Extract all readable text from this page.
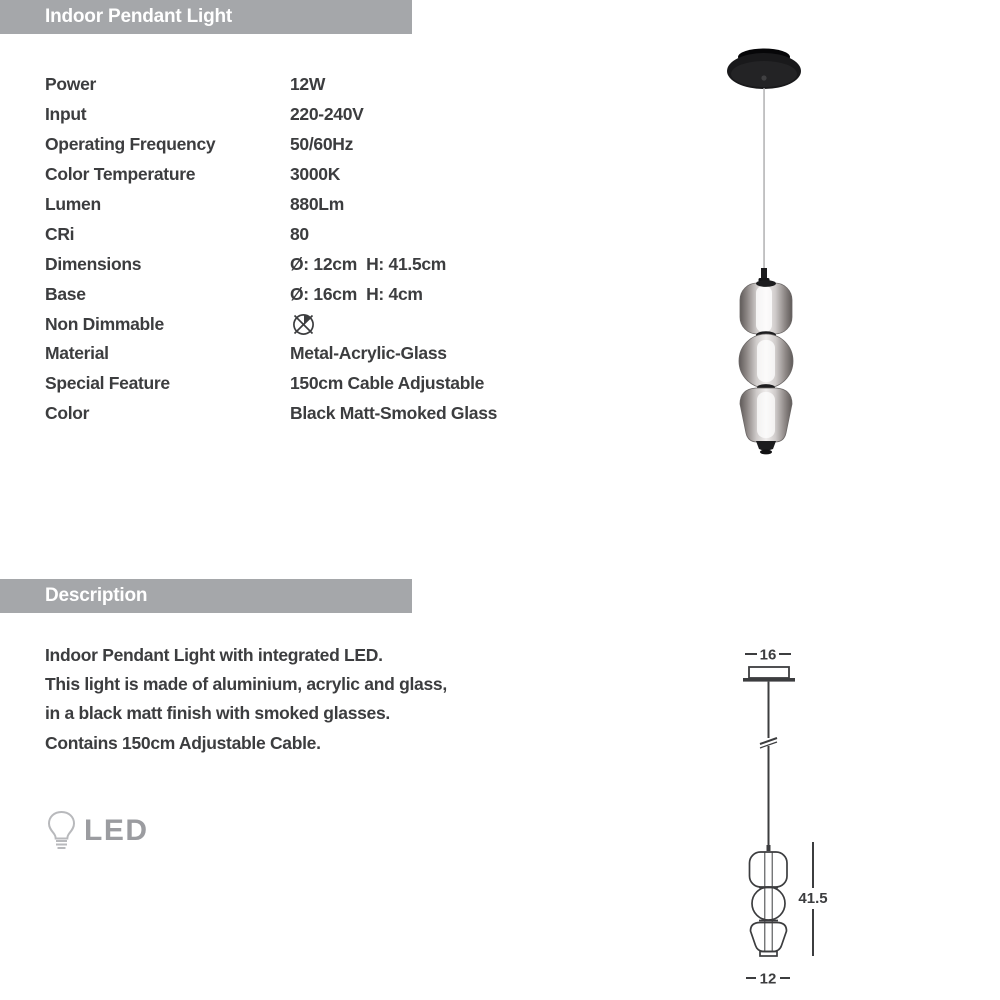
Indoor Pendant Light
Power	12W
Input	220-240V
Operating Frequency	50/60Hz
Color Temperature	3000K
Lumen	880Lm
CRi	80
Dimensions	Ø: 12cm  H: 41.5cm
Base	Ø: 16cm  H: 4cm
Non Dimmable
Material	Metal-Acrylic-Glass
Special Feature	150cm Cable Adjustable
Color	Black Matt-Smoked Glass
Description
Indoor Pendant Light with integrated LED.
This light is made of aluminium, acrylic and glass,
in a black matt finish with smoked glasses.
Contains 150cm Adjustable Cable.
LED
16
41.5
12
